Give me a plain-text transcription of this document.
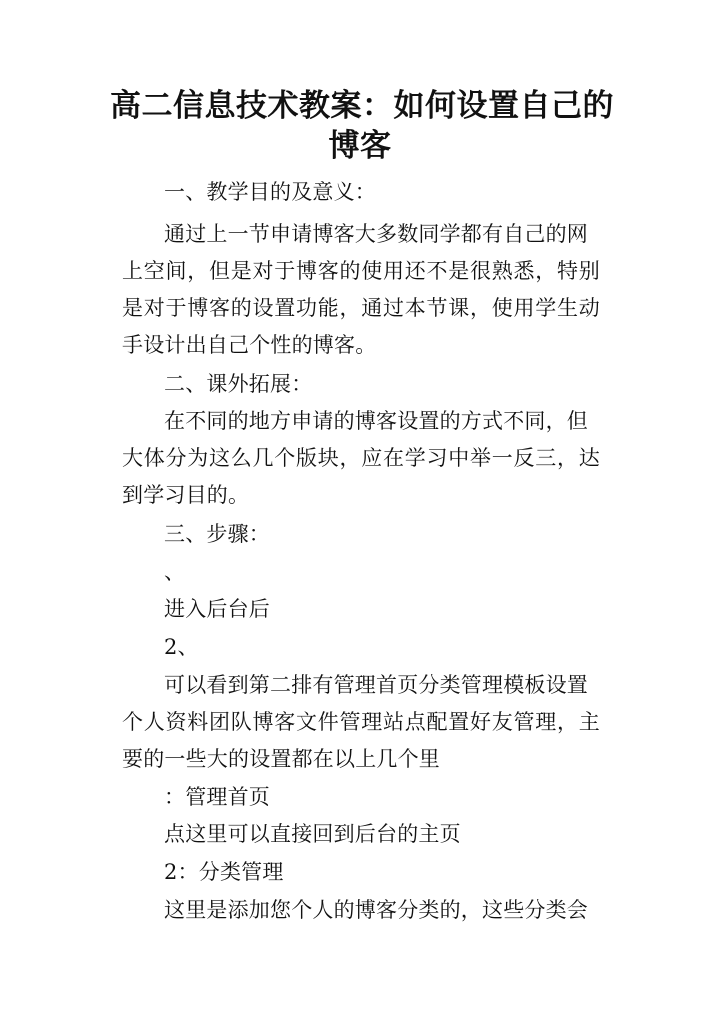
高二信息技术教案：如何设置自己的
博客
一、教学目的及意义：
通过上一节申请博客大多数同学都有自己的网
上空间，但是对于博客的使用还不是很熟悉，特别
是对于博客的设置功能，通过本节课，使用学生动
手设计出自己个性的博客。
二、课外拓展：
在不同的地方申请的博客设置的方式不同，但
大体分为这么几个版块，应在学习中举一反三，达
到学习目的。
三、步骤：
、
进入后台后
2、
可以看到第二排有管理首页分类管理模板设置
个人资料团队博客文件管理站点配置好友管理，主
要的一些大的设置都在以上几个里
：管理首页
点这里可以直接回到后台的主页
2：分类管理
这里是添加您个人的博客分类的，这些分类会
